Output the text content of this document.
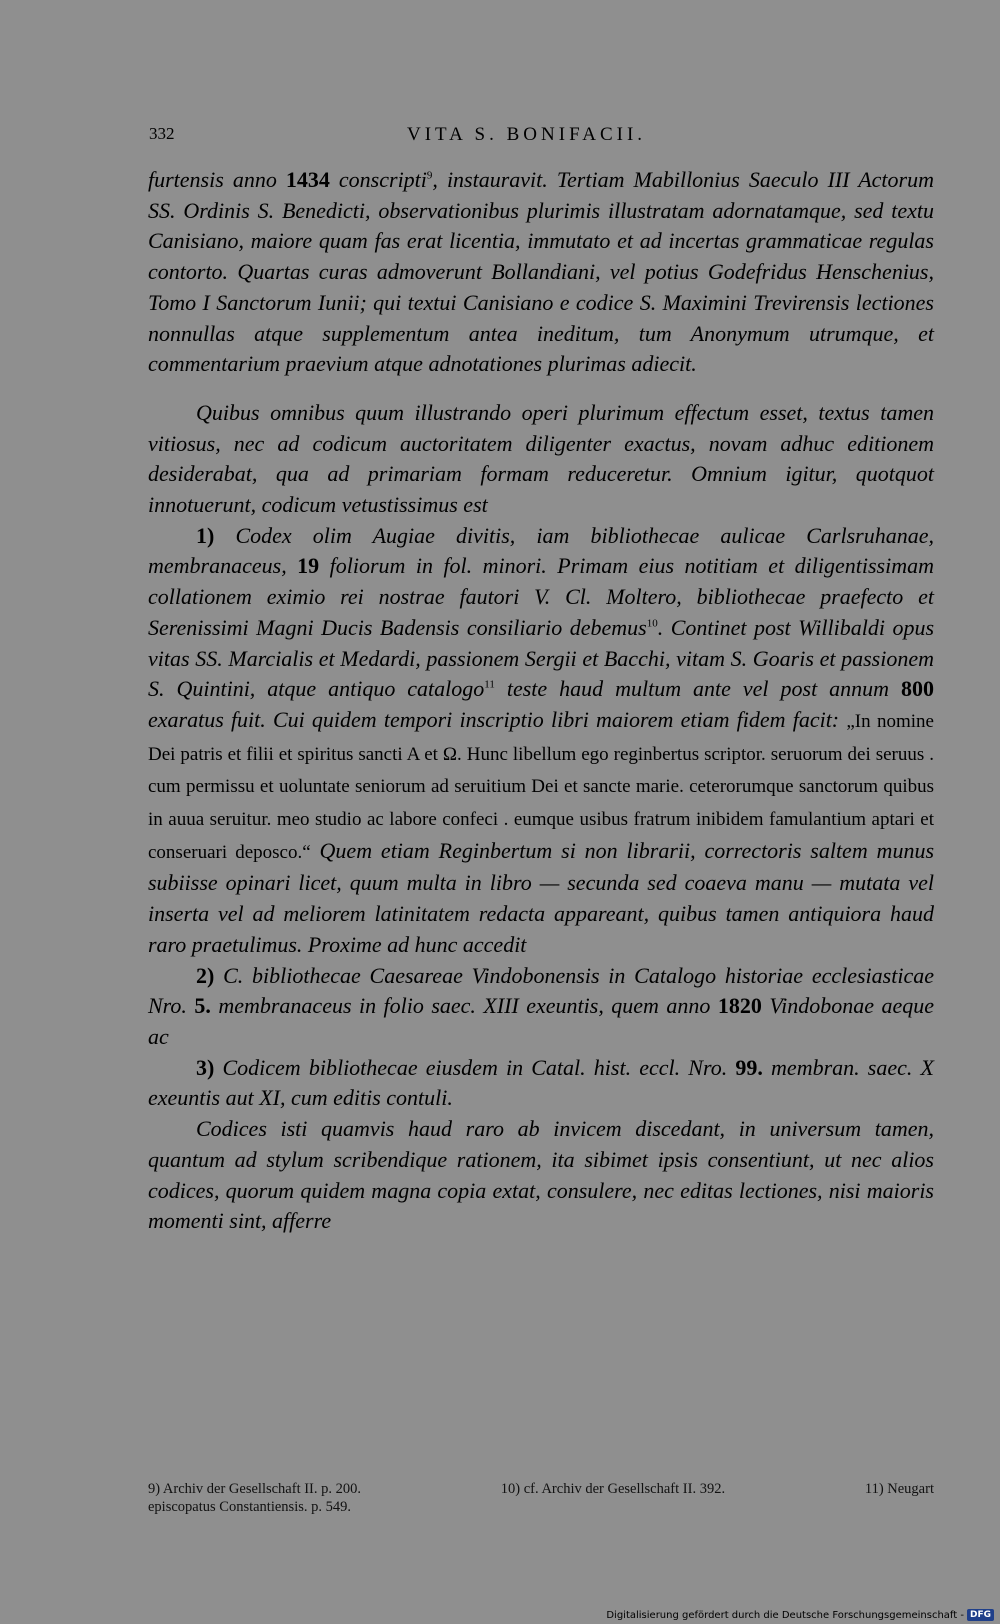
332	VITA S. BONIFACII.

furtensis anno 1434 conscripti$^9$, instauravit. Tertiam Mabillonius Saeculo III Actorum SS. Ordinis S. Benedicti, observationibus plurimis illustratam adornatamque, sed textu Canisiano, maiore quam fas erat licentia, immutato et ad incertas grammaticae regulas contorto. Quartas curas admoverunt Bollandiani, vel potius Godefridus Henschenius, Tomo I Sanctorum Iunii; qui textui Canisiano e codice S. Maximini Trevirensis lectiones nonnullas atque supplementum antea ineditum, tum Anonymum utrumque, et commentarium praevium atque adnotationes plurimas adiecit.

Quibus omnibus quum illustrando operi plurimum effectum esset, textus tamen vitiosus, nec ad codicum auctoritatem diligenter exactus, novam adhuc editionem desiderabat, qua ad primariam formam reduceretur. Omnium igitur, quotquot innotuerunt, codicum vetustissimus est

1) Codex olim Augiae divitis, iam bibliothecae aulicae Carlsruhanae, membranaceus, 19 foliorum in fol. minori. Primam eius notitiam et diligentissimam collationem eximio rei nostrae fautori V. Cl. Moltero, bibliothecae praefecto et Serenissimi Magni Ducis Badensis consiliario debemus$^{10}$. Continet post Willibaldi opus vitas SS. Marcialis et Medardi, passionem Sergii et Bacchi, vitam S. Goaris et passionem S. Quintini, atque antiquo catalogo$^{11}$ teste haud multum ante vel post annum 800 exaratus fuit. Cui quidem tempori inscriptio libri maiorem etiam fidem facit: „In nomine Dei patris et filii et spiritus sancti A et Ω. Hunc libellum ego reginbertus scriptor. seruorum dei seruus . cum permissu et uoluntate seniorum ad seruitium Dei et sancte marie. ceterorumque sanctorum quibus in auua seruitur. meo studio ac labore confeci . eumque usibus fratrum inibidem famulantium aptari et conseruari deposco.“ Quem etiam Reginbertum si non librarii, correctoris saltem munus subiisse opinari licet, quum multa in libro — secunda sed coaeva manu — mutata vel inserta vel ad meliorem latinitatem redacta appareant, quibus tamen antiquiora haud raro praetulimus. Proxime ad hunc accedit

2) C. bibliothecae Caesareae Vindobonensis in Catalogo historiae ecclesiasticae Nro. 5. membranaceus in folio saec. XIII exeuntis, quem anno 1820 Vindobonae aeque ac

3) Codicem bibliothecae eiusdem in Catal. hist. eccl. Nro. 99. membran. saec. X exeuntis aut XI, cum editis contuli.

Codices isti quamvis haud raro ab invicem discedant, in universum tamen, quantum ad stylum scribendique rationem, ita sibimet ipsis consentiunt, ut nec alios codices, quorum quidem magna copia extat, consulere, nec editas lectiones, nisi maioris momenti sint, afferre

9) Archiv der Gesellschaft II. p. 200.	10) cf. Archiv der Gesellschaft II. 392.	11) Neugart
episcopatus Constantiensis. p. 549.
Digitalisierung gefördert durch die Deutsche Forschungsgemeinschaft - DFG
